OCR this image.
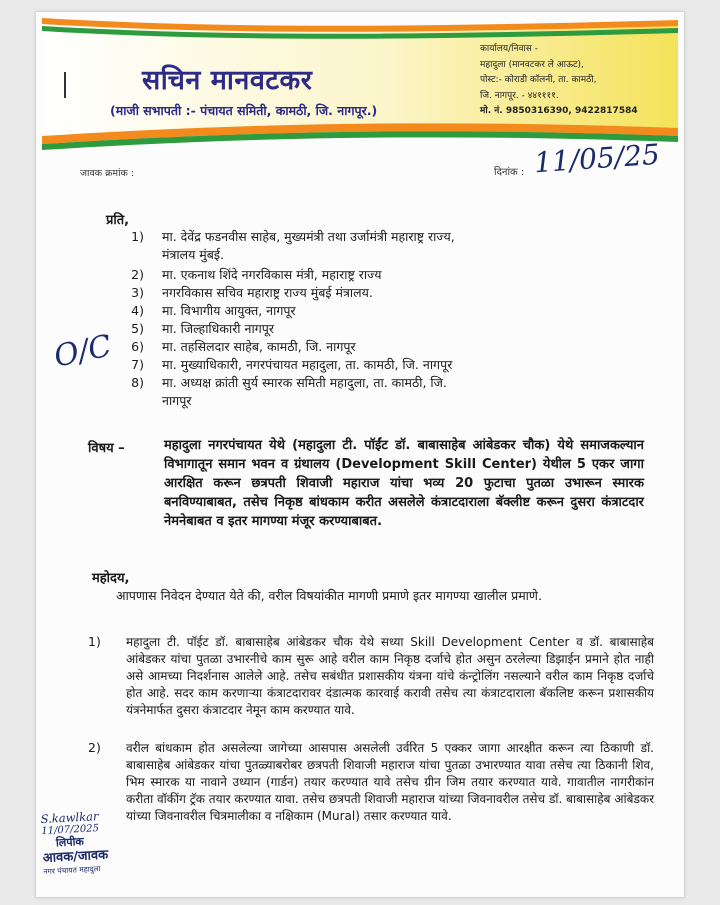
सचिन मानवटकर
(माजी सभापती :- पंचायत समिती, कामठी, जि. नागपूर.)
कार्यालय/निवास -
महादुला (मानवटकर ले आऊट),
पोस्ट:- कोराडी कॉलनी, ता. कामठी,
जि. नागपूर. - ४४११११.
मो. नं. 9850316390, 9422817584
जावक क्रमांक :	दिनांक : 11/05/25
प्रति,
1) मा. देवेंद्र फडनवीस साहेब, मुख्यमंत्री तथा उर्जामंत्री महाराष्ट्र राज्य,
मंत्रालय मुंबई.
2) मा. एकनाथ शिंदे नगरविकास मंत्री, महाराष्ट्र राज्य
3) नगरविकास सचिव महाराष्ट्र राज्य मुंबई मंत्रालय.
4) मा. विभागीय आयुक्त, नागपूर
5) मा. जिल्हाधिकारी नागपूर
6) मा. तहसिलदार साहेब, कामठी, जि. नागपूर
7) मा. मुख्याधिकारी, नगरपंचायत महादुला, ता. कामठी, जि. नागपूर
8) मा. अध्यक्ष क्रांती सुर्य स्मारक समिती महादुला, ता. कामठी, जि.
नागपूर
O/C
विषय –	महादुला नगरपंचायत येथे (महादुला टी. पॉईंट डॉ. बाबासाहेब आंबेडकर चौक) येथे समाजकल्यान विभागातून समान भवन व ग्रंथालय (Development Skill Center) येथील 5 एकर जागा आरक्षित करून छत्रपती शिवाजी महाराज यांचा भव्य 20 फुटाचा पुतळा उभारून स्मारक बनविण्याबाबत, तसेच निकृष्ठ बांधकाम करीत असलेले कंत्राटदाराला बॅक्लीष्ट करून दुसरा कंत्राटदार नेमनेबाबत व इतर मागण्या मंजूर करण्याबाबत.
महोदय,
आपणास निवेदन देण्यात येते की, वरील विषयांकीत मागणी प्रमाणे इतर मागण्या खालील प्रमाणे.
1) महादुला टी. पॉईट डॉ. बाबासाहेब आंबेडकर चौक येथे सध्या Skill Development Center व डॉ. बाबासाहेब आंबेडकर यांचा पुतळा उभारनीचे काम सुरू आहे वरील काम निकृष्ठ दर्जाचे होत असुन ठरलेल्या डिझाईन प्रमाने होत नाही असे आमच्या निदर्शनास आलेले आहे. तसेच सबंधीत प्रशासकीय यंत्रना यांचे कंन्ट्रोलिंग नसल्याने वरील काम निकृष्ठ दर्जाचे होत आहे. सदर काम करणाऱ्या कंत्राटदारावर दंडात्मक कारवाई करावी तसेच त्या कंत्राटदाराला बॅकलिष्ट करून प्रशासकीय यंत्रनेमार्फत दुसरा कंत्राटदार नेमून काम करण्यात यावे.
2) वरील बांधकाम होत असलेल्या जागेच्या आसपास असलेली उर्वरित 5 एक्कर जागा आरक्षीत करून त्या ठिकाणी डॉ. बाबासाहेब आंबेडकर यांचा पुतळ्याबरोबर छत्रपती शिवाजी महाराज यांचा पुतळा उभारण्यात यावा तसेच त्या ठिकानी शिव, भिम स्मारक या नावाने उध्यान (गार्डन) तयार करण्यात यावे तसेच ग्रीन जिम तयार करण्यात यावे. गावातील नागरीकांन करीता वॉकींग ट्रॅक तयार करण्यात यावा. तसेच छत्रपती शिवाजी महाराज यांच्या जिवनावरील तसेच डॉ. बाबासाहेब आंबेडकर यांच्या जिवनावरील चित्रमालीका व नक्षिकाम (Mural) तसार करण्यात यावे.
S.kawlkar
11/07/2025
लिपीक
आवक/जावक
नगर पंचायत महादुला
